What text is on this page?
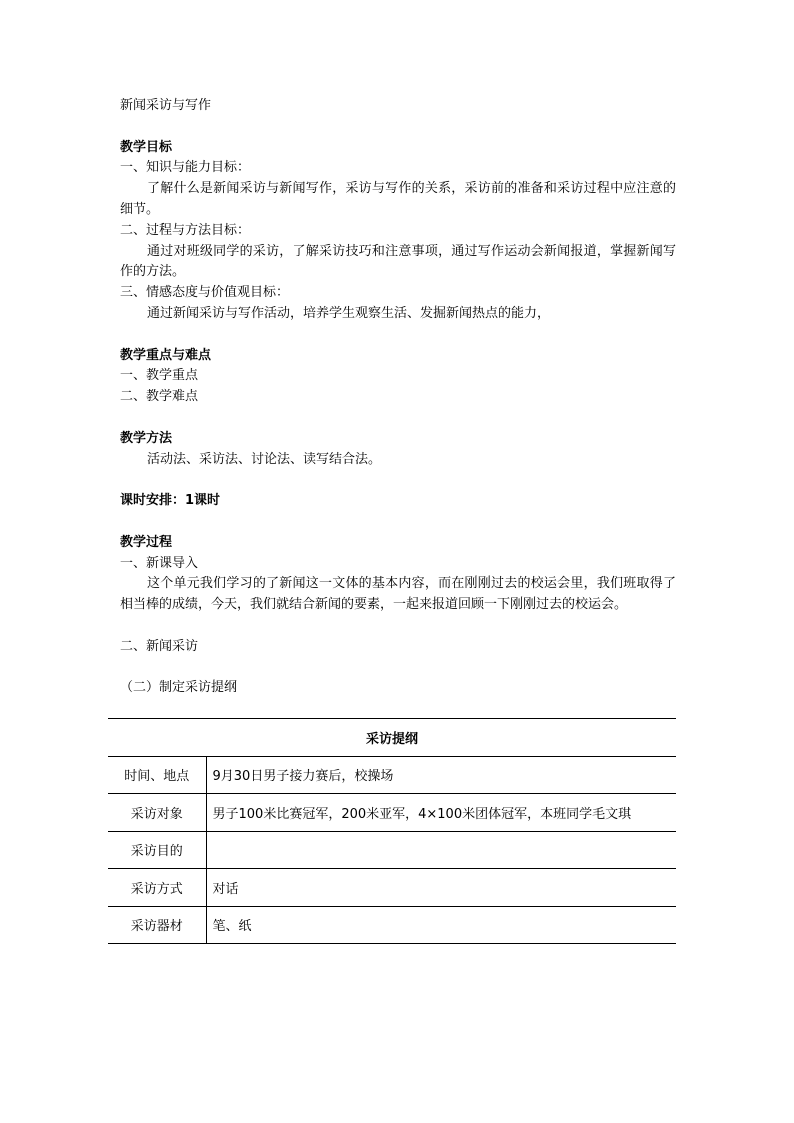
新闻采访与写作
教学目标
一、知识与能力目标：
了解什么是新闻采访与新闻写作，采访与写作的关系，采访前的准备和采访过程中应注意的细节。
二、过程与方法目标：
通过对班级同学的采访，了解采访技巧和注意事项，通过写作运动会新闻报道，掌握新闻写作的方法。
三、情感态度与价值观目标：
通过新闻采访与写作活动，培养学生观察生活、发掘新闻热点的能力，
教学重点与难点
一、教学重点
二、教学难点
教学方法
活动法、采访法、讨论法、读写结合法。
课时安排：1课时
教学过程
一、新课导入
这个单元我们学习的了新闻这一文体的基本内容，而在刚刚过去的校运会里，我们班取得了相当棒的成绩，今天，我们就结合新闻的要素，一起来报道回顾一下刚刚过去的校运会。
二、新闻采访
（二）制定采访提纲
采访提纲	
时间、地点	9月30日男子接力赛后，校操场
采访对象	男子100米比赛冠军，200米亚军，4×100米团体冠军，本班同学毛文琪
采访目的	
采访方式	对话
采访器材	笔、纸
